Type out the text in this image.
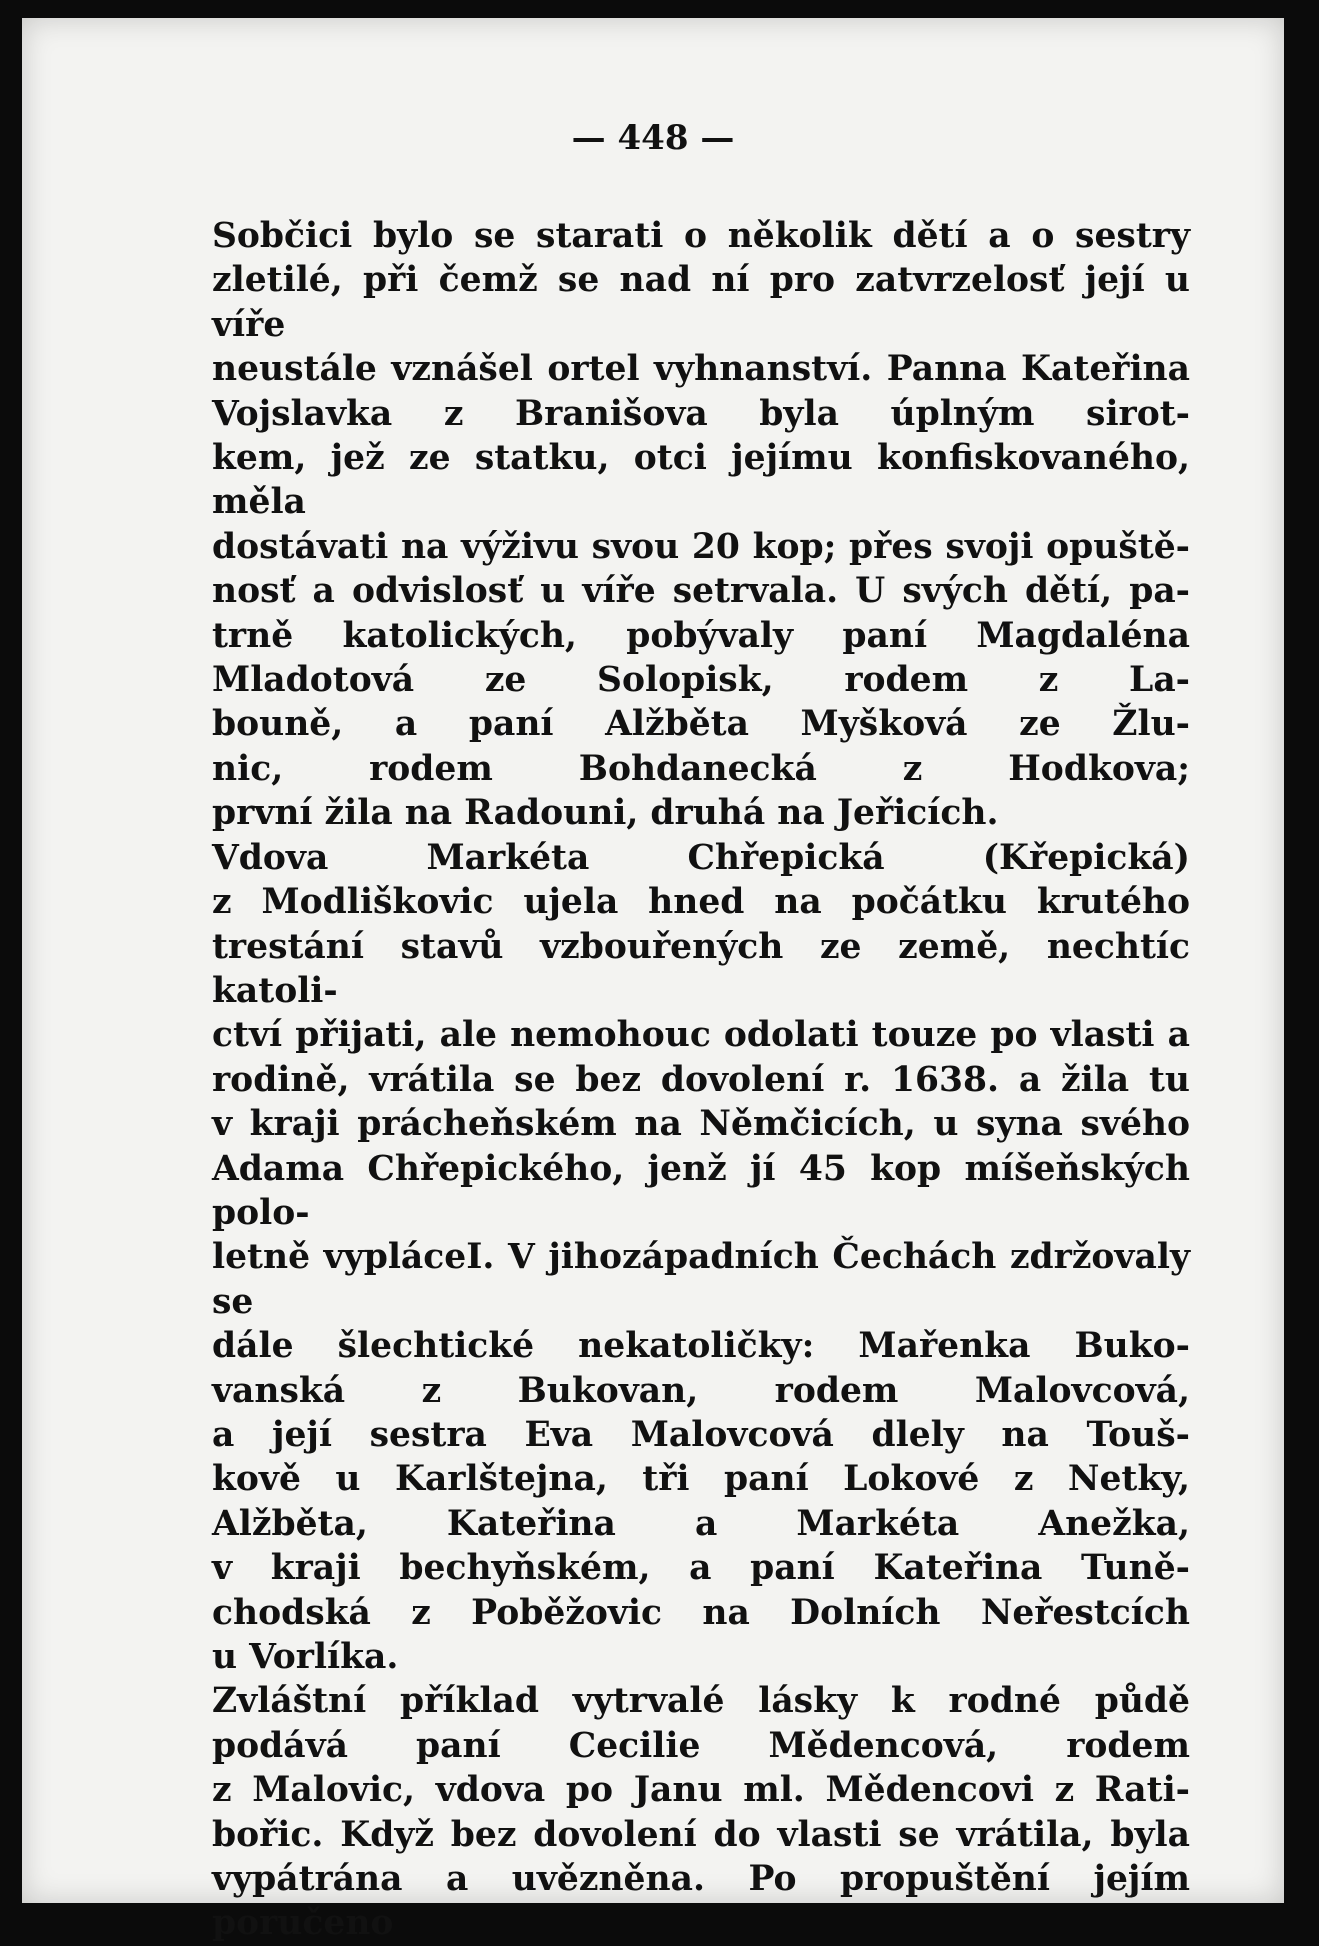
— 448 —
Sobčici bylo se starati o několik dětí a o sestry
zletilé, při čemž se nad ní pro zatvrzelosť její u víře
neustále vznášel ortel vyhnanství. Panna Kateřina
Vojslavka z Branišova byla úplným sirot-
kem, jež ze statku, otci jejímu konfiskovaného, měla
dostávati na výživu svou 20 kop; přes svoji opuště-
nosť a odvislosť u víře setrvala. U svých dětí, pa-
trně katolických, pobývaly paní Magdaléna
Mladotová ze Solopisk, rodem z La-
bouně, a paní Alžběta Myšková ze Žlu-
nic, rodem Bohdanecká z Hodkova;
první žila na Radouni, druhá na Jeřicích.
Vdova Markéta Chřepická (Křepická)
z Modliškovic ujela hned na počátku krutého
trestání stavů vzbouřených ze země, nechtíc katoli-
ctví přijati, ale nemohouc odolati touze po vlasti a
rodině, vrátila se bez dovolení r. 1638. a žila tu
v kraji prácheňském na Němčicích, u syna svého
Adama Chřepického, jenž jí 45 kop míšeňských polo-
letně vypláceI. V jihozápadních Čechách zdržovaly se
dále šlechtické nekatoličky: Mařenka Buko-
vanská z Bukovan, rodem Malovcová,
a její sestra Eva Malovcová dlely na Touš-
kově u Karlštejna, tři paní Lokové z Netky,
Alžběta, Kateřina a Markéta Anežka,
v kraji bechyňském, a paní Kateřina Tuně-
chodská z Poběžovic na Dolních Neřestcích
u Vorlíka.
Zvláštní příklad vytrvalé lásky k rodné půdě
podává paní Cecilie Mědencová, rodem
z Malovic, vdova po Janu ml. Mědencovi z Rati-
bořic. Když bez dovolení do vlasti se vrátila, byla
vypátrána a uvězněna. Po propuštění jejím poručeno
